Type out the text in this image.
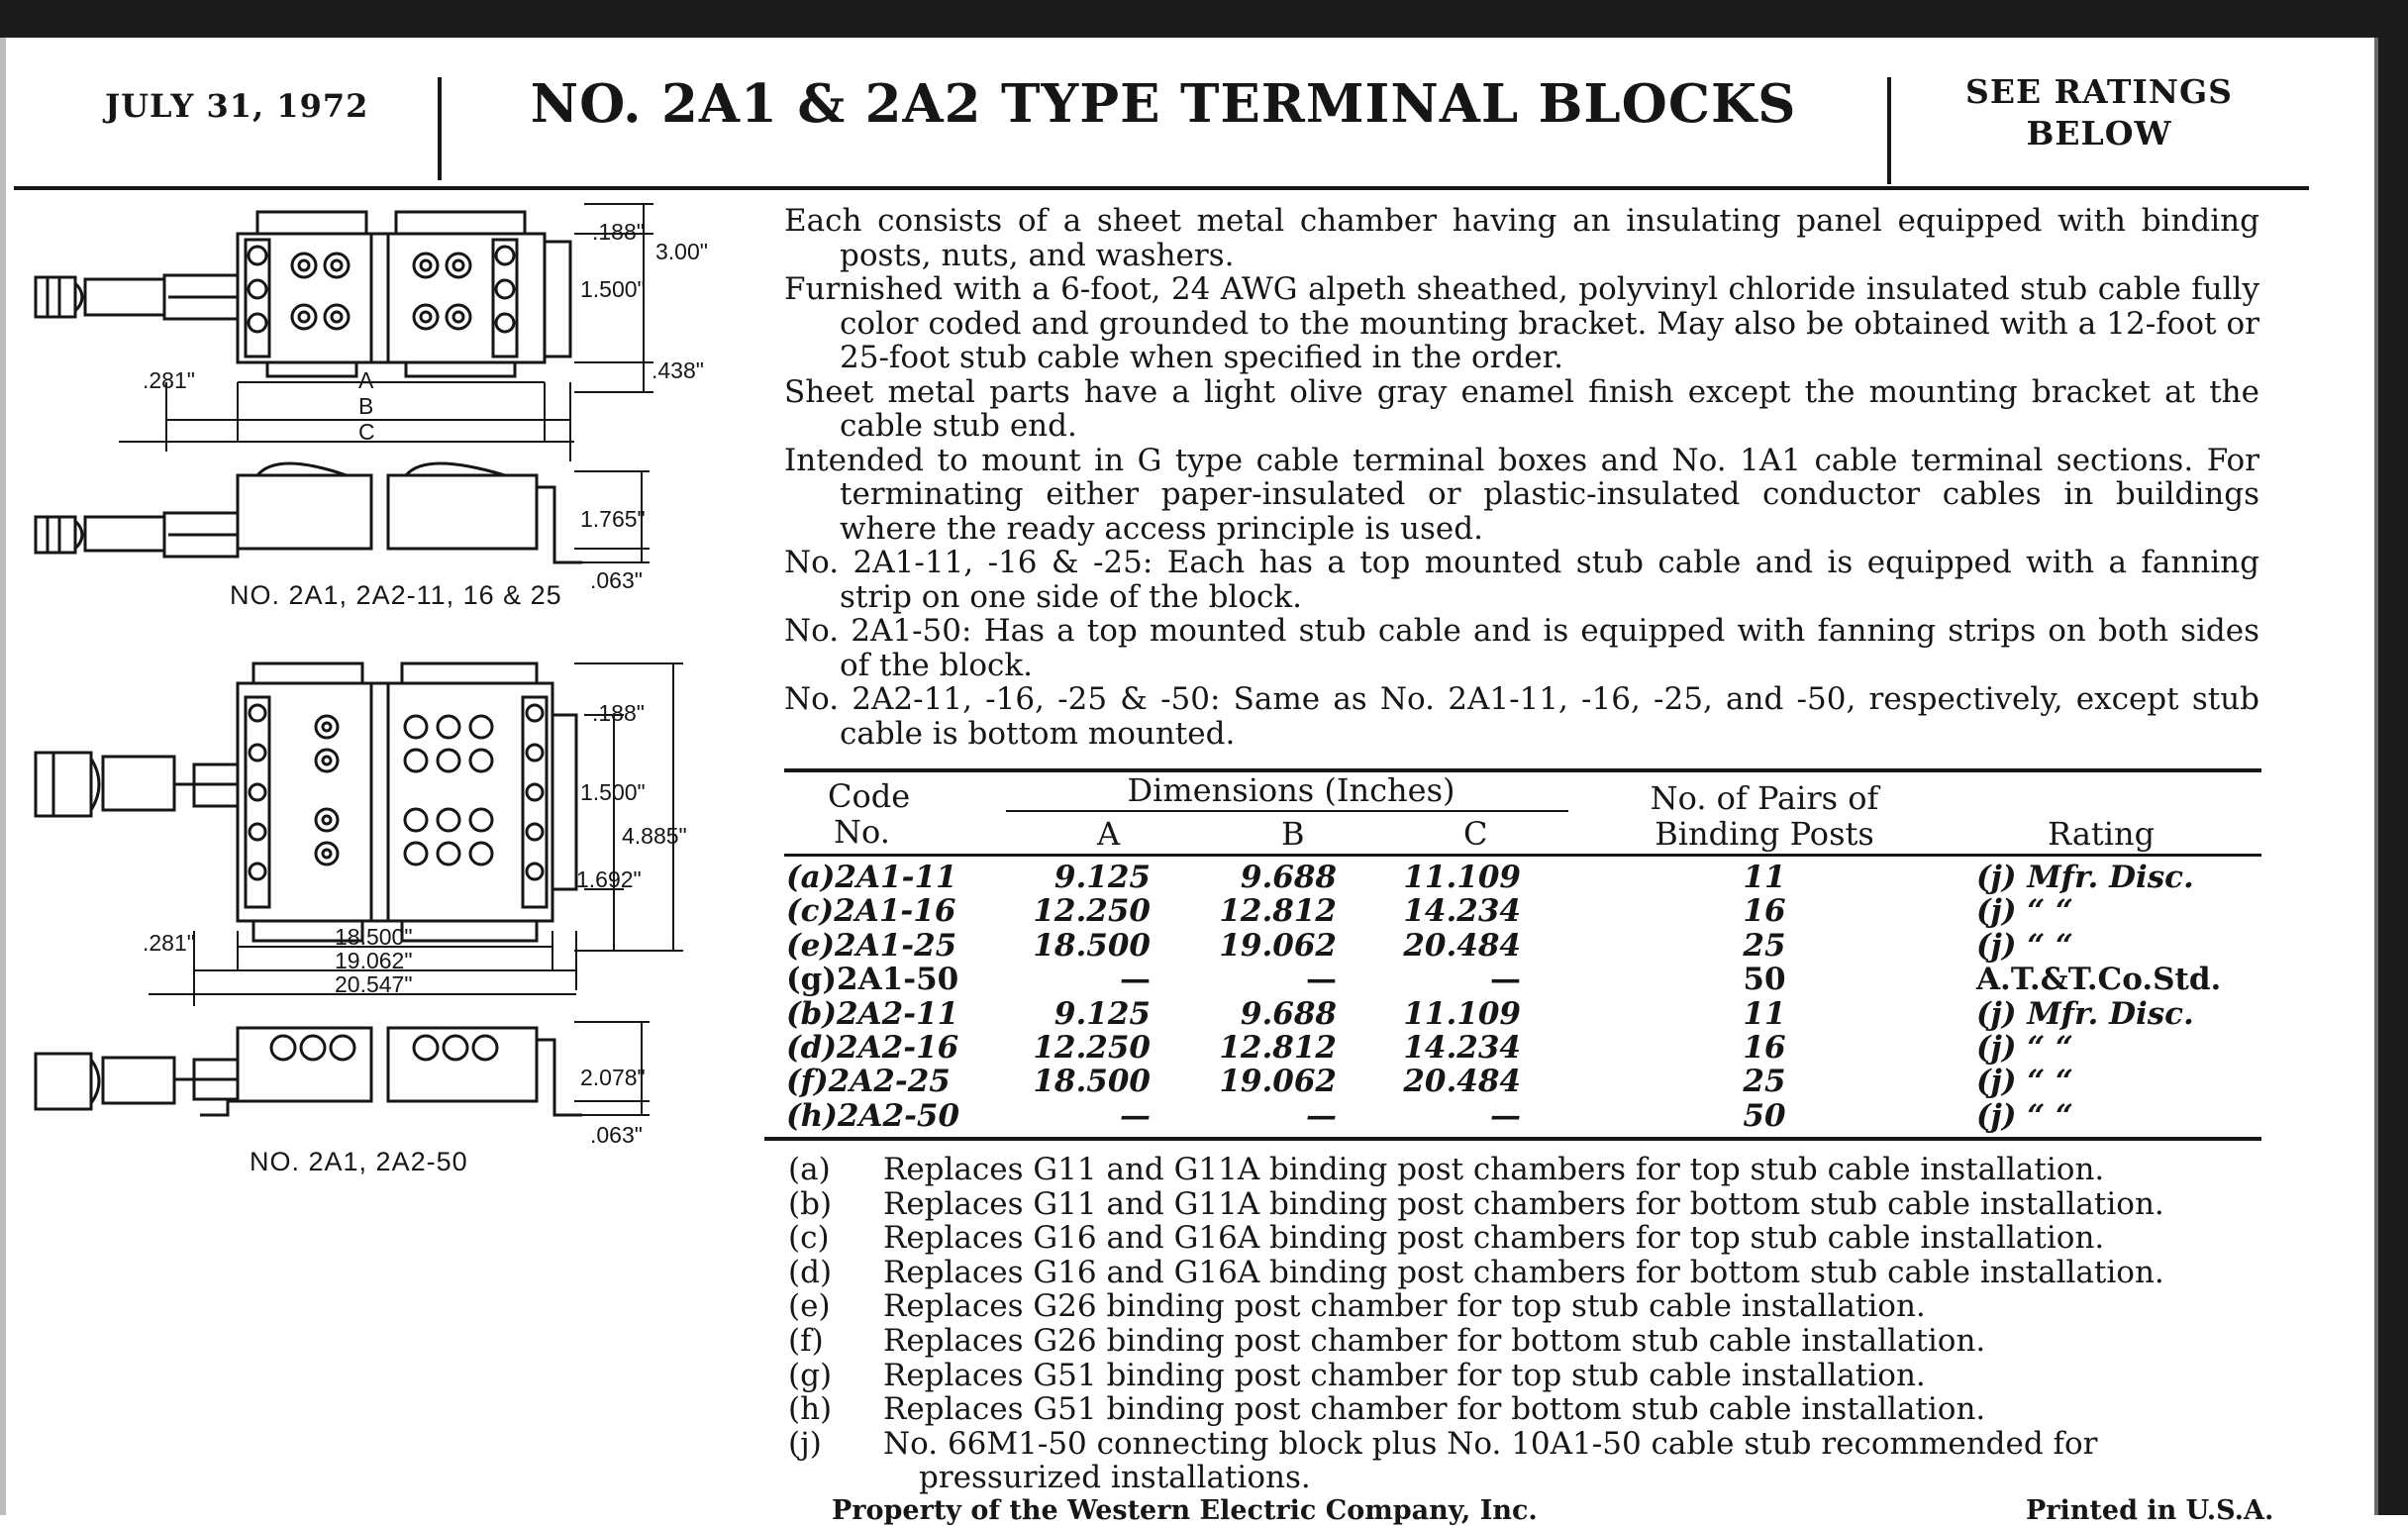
JULY 31, 1972	NO. 2A1 & 2A2 TYPE TERMINAL BLOCKS	SEE RATINGS
BELOW
.188"
3.00"
1.500"
.438"
.281"	A
B
C
1.765"
.063"
NO. 2A1, 2A2-11, 16 & 25
.188"
1.500"
4.885"
1.692"
.281"	18.500"
19.062"
20.547"
2.078"
.063"
NO. 2A1, 2A2-50

Each consists of a sheet metal chamber having an insulating panel equipped with binding posts, nuts, and washers.

Furnished with a 6-foot, 24 AWG alpeth sheathed, polyvinyl chloride insulated stub cable fully color coded and grounded to the mounting bracket. May also be obtained with a 12-foot or 25-foot stub cable when specified in the order.

Sheet metal parts have a light olive gray enamel finish except the mounting bracket at the cable stub end.

Intended to mount in G type cable terminal boxes and No. 1A1 cable terminal sections. For terminating either paper-insulated or plastic-insulated conductor cables in buildings where the ready access principle is used.

No. 2A1-11, -16 & -25: Each has a top mounted stub cable and is equipped with a fanning strip on one side of the block.

No. 2A1-50: Has a top mounted stub cable and is equipped with fanning strips on both sides of the block.

No. 2A2-11, -16, -25 & -50: Same as No. 2A1-11, -16, -25, and -50, respectively, except stub cable is bottom mounted.

Code
No.
Dimensions (Inches)
A	B	C
No. of Pairs of
Binding Posts	Rating
(a)2A1-11	9.125	9.688	11.109	11	(j) Mfr. Disc.
(c)2A1-16	12.250	12.812	14.234	16	(j) “ “
(e)2A1-25	18.500	19.062	20.484	25	(j) “ “
(g)2A1-50	—	—	—	50	A.T.&T.Co.Std.
(b)2A2-11	9.125	9.688	11.109	11	(j) Mfr. Disc.
(d)2A2-16	12.250	12.812	14.234	16	(j) “ “
(f)2A2-25	18.500	19.062	20.484	25	(j) “ “
(h)2A2-50	—	—	—	50	(j) “ “
(a) Replaces G11 and G11A binding post chambers for top stub cable installation.
(b) Replaces G11 and G11A binding post chambers for bottom stub cable installation.
(c) Replaces G16 and G16A binding post chambers for top stub cable installation.
(d) Replaces G16 and G16A binding post chambers for bottom stub cable installation.
(e) Replaces G26 binding post chamber for top stub cable installation.
(f) Replaces G26 binding post chamber for bottom stub cable installation.
(g) Replaces G51 binding post chamber for top stub cable installation.
(h) Replaces G51 binding post chamber for bottom stub cable installation.
(j) No. 66M1-50 connecting block plus No. 10A1-50 cable stub recommended for pressurized installations.
Property of the Western Electric Company, Inc.	Printed in U.S.A.
